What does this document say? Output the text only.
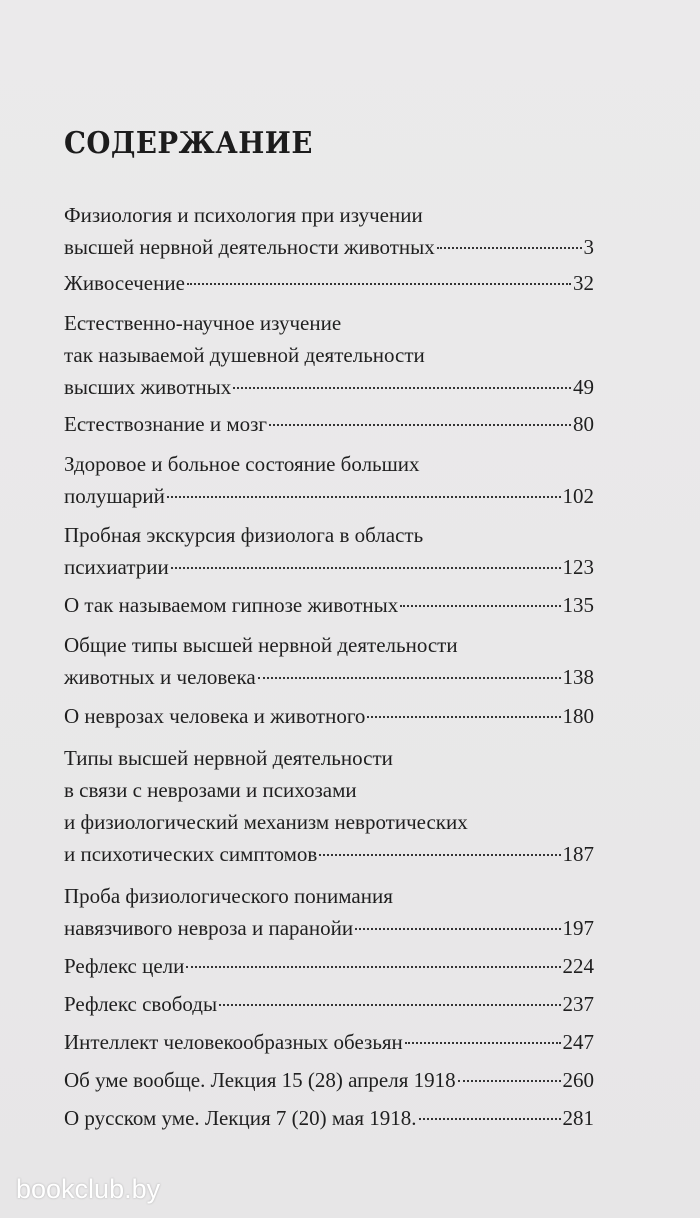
СОДЕРЖАНИЕ
Физиология и психология при изучении
высшей нервной деятельности животных	3
Живосечение	32
Естественно-научное изучение
так называемой душевной деятельности
высших животных	49
Естествознание и мозг	80
Здоровое и больное состояние больших
полушарий	102
Пробная экскурсия физиолога в область
психиатрии	123
О так называемом гипнозе животных	135
Общие типы высшей нервной деятельности
животных и человека	138
О неврозах человека и животного	180
Типы высшей нервной деятельности
в связи с неврозами и психозами
и физиологический механизм невротических
и психотических симптомов	187
Проба физиологического понимания
навязчивого невроза и паранойи	197
Рефлекс цели	224
Рефлекс свободы	237
Интеллект человекообразных обезьян	247
Об уме вообще. Лекция 15 (28) апреля 1918	260
О русском уме. Лекция 7 (20) мая 1918.	281
bookclub.by
